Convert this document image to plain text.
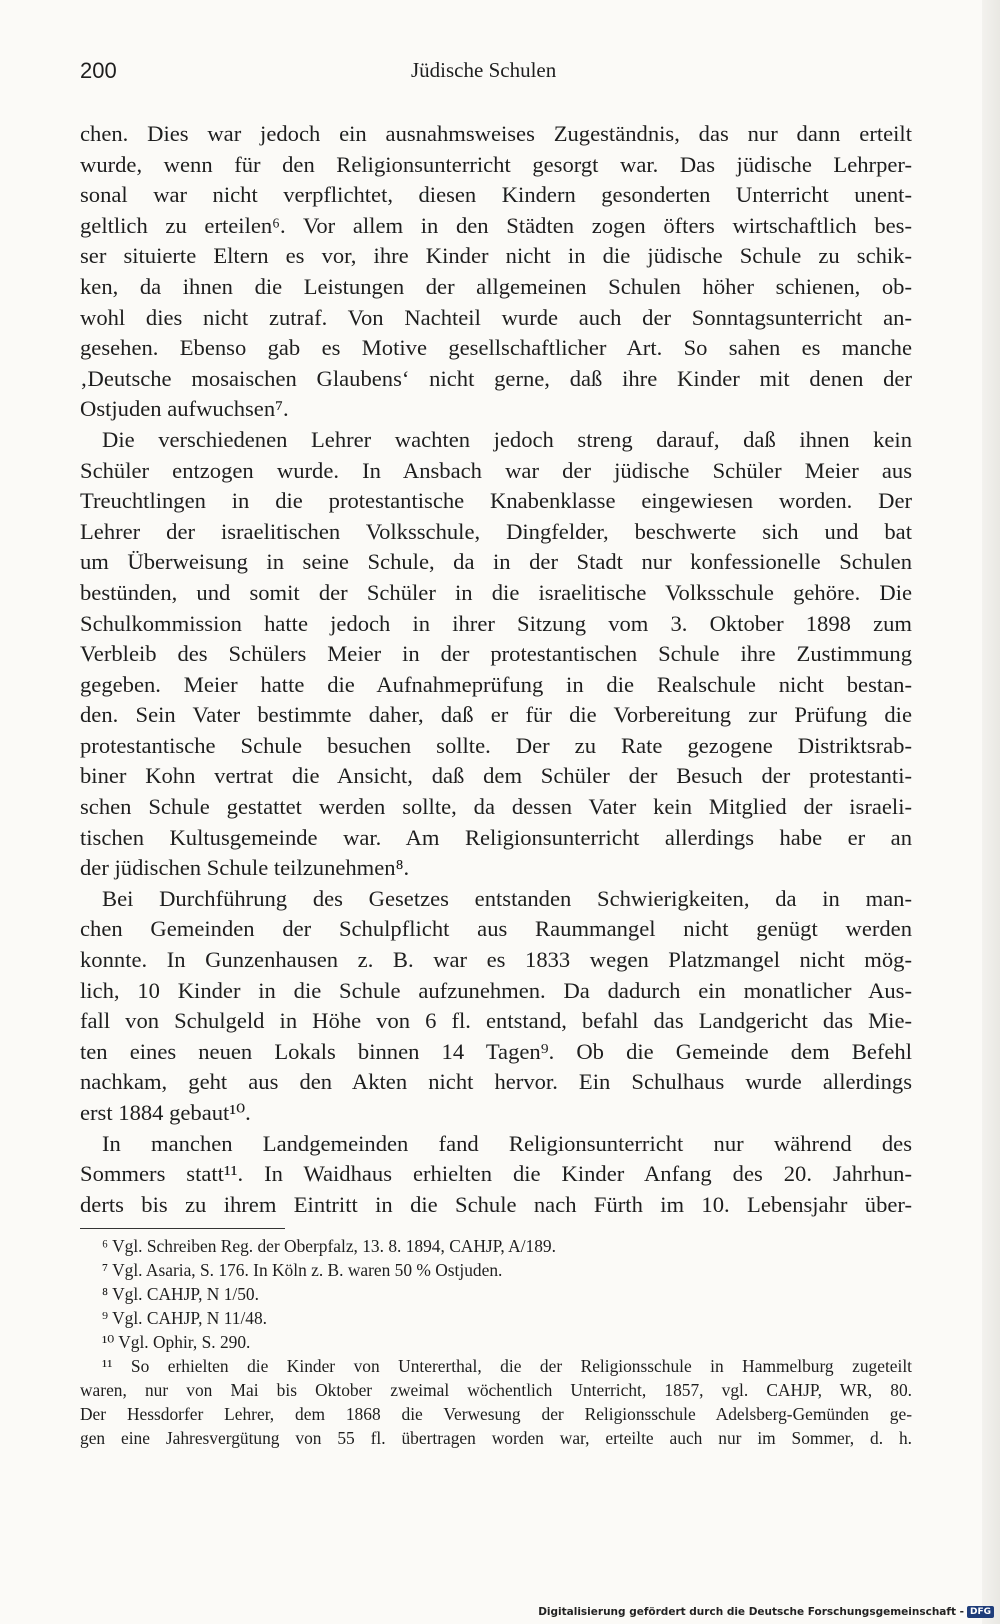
200	Jüdische Schulen
chen. Dies war jedoch ein ausnahmsweises Zugeständnis, das nur dann erteilt
wurde, wenn für den Religionsunterricht gesorgt war. Das jüdische Lehrper-
sonal war nicht verpflichtet, diesen Kindern gesonderten Unterricht unent-
geltlich zu erteilen⁶. Vor allem in den Städten zogen öfters wirtschaftlich bes-
ser situierte Eltern es vor, ihre Kinder nicht in die jüdische Schule zu schik-
ken, da ihnen die Leistungen der allgemeinen Schulen höher schienen, ob-
wohl dies nicht zutraf. Von Nachteil wurde auch der Sonntagsunterricht an-
gesehen. Ebenso gab es Motive gesellschaftlicher Art. So sahen es manche
‚Deutsche mosaischen Glaubens‘ nicht gerne, daß ihre Kinder mit denen der
Ostjuden aufwuchsen⁷.
Die verschiedenen Lehrer wachten jedoch streng darauf, daß ihnen kein
Schüler entzogen wurde. In Ansbach war der jüdische Schüler Meier aus
Treuchtlingen in die protestantische Knabenklasse eingewiesen worden. Der
Lehrer der israelitischen Volksschule, Dingfelder, beschwerte sich und bat
um Überweisung in seine Schule, da in der Stadt nur konfessionelle Schulen
bestünden, und somit der Schüler in die israelitische Volksschule gehöre. Die
Schulkommission hatte jedoch in ihrer Sitzung vom 3. Oktober 1898 zum
Verbleib des Schülers Meier in der protestantischen Schule ihre Zustimmung
gegeben. Meier hatte die Aufnahmeprüfung in die Realschule nicht bestan-
den. Sein Vater bestimmte daher, daß er für die Vorbereitung zur Prüfung die
protestantische Schule besuchen sollte. Der zu Rate gezogene Distriktsrab-
biner Kohn vertrat die Ansicht, daß dem Schüler der Besuch der protestanti-
schen Schule gestattet werden sollte, da dessen Vater kein Mitglied der israeli-
tischen Kultusgemeinde war. Am Religionsunterricht allerdings habe er an
der jüdischen Schule teilzunehmen⁸.
Bei Durchführung des Gesetzes entstanden Schwierigkeiten, da in man-
chen Gemeinden der Schulpflicht aus Raummangel nicht genügt werden
konnte. In Gunzenhausen z. B. war es 1833 wegen Platzmangel nicht mög-
lich, 10 Kinder in die Schule aufzunehmen. Da dadurch ein monatlicher Aus-
fall von Schulgeld in Höhe von 6 fl. entstand, befahl das Landgericht das Mie-
ten eines neuen Lokals binnen 14 Tagen⁹. Ob die Gemeinde dem Befehl
nachkam, geht aus den Akten nicht hervor. Ein Schulhaus wurde allerdings
erst 1884 gebaut¹⁰.
In manchen Landgemeinden fand Religionsunterricht nur während des
Sommers statt¹¹. In Waidhaus erhielten die Kinder Anfang des 20. Jahrhun-
derts bis zu ihrem Eintritt in die Schule nach Fürth im 10. Lebensjahr über-
⁶ Vgl. Schreiben Reg. der Oberpfalz, 13. 8. 1894, CAHJP, A/189.
⁷ Vgl. Asaria, S. 176. In Köln z. B. waren 50 % Ostjuden.
⁸ Vgl. CAHJP, N 1/50.
⁹ Vgl. CAHJP, N 11/48.
¹⁰ Vgl. Ophir, S. 290.
¹¹ So erhielten die Kinder von Untererthal, die der Religionsschule in Hammelburg zugeteilt
waren, nur von Mai bis Oktober zweimal wöchentlich Unterricht, 1857, vgl. CAHJP, WR, 80.
Der Hessdorfer Lehrer, dem 1868 die Verwesung der Religionsschule Adelsberg-Gemünden ge-
gen eine Jahresvergütung von 55 fl. übertragen worden war, erteilte auch nur im Sommer, d. h.
Digitalisierung gefördert durch die Deutsche Forschungsgemeinschaft - DFG
